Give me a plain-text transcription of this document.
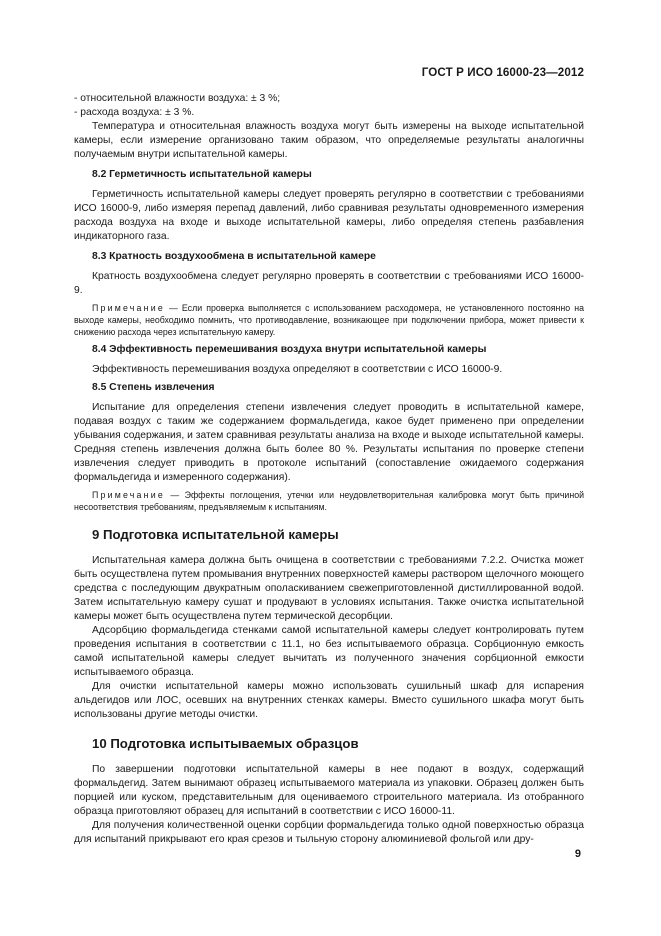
ГОСТ Р ИСО 16000-23—2012

- относительной влажности воздуха: ± 3 %;

- расхода воздуха: ± 3 %.

Температура и относительная влажность воздуха могут быть измерены на выходе испытательной камеры, если измерение организовано таким образом, что определяемые результаты аналогичны получаемым внутри испытательной камеры.

8.2 Герметичность испытательной камеры

Герметичность испытательной камеры следует проверять регулярно в соответствии с требованиями ИСО 16000-9, либо измеряя перепад давлений, либо сравнивая результаты одновременного измерения расхода воздуха на входе и выходе испытательной камеры, либо определяя степень разбавления индикаторного газа.

8.3 Кратность воздухообмена в испытательной камере

Кратность воздухообмена следует регулярно проверять в соответствии с требованиями ИСО 16000-9.

Примечание — Если проверка выполняется с использованием расходомера, не установленного постоянно на выходе камеры, необходимо помнить, что противодавление, возникающее при подключении прибора, может привести к снижению расхода через испытательную камеру.

8.4 Эффективность перемешивания воздуха внутри испытательной камеры

Эффективность перемешивания воздуха определяют в соответствии с ИСО 16000-9.

8.5 Степень извлечения

Испытание для определения степени извлечения следует проводить в испытательной камере, подавая воздух с таким же содержанием формальдегида, какое будет применено при определении убывания содержания, и затем сравнивая результаты анализа на входе и выходе испытательной камеры. Средняя степень извлечения должна быть более 80 %. Результаты испытания по проверке степени извлечения следует приводить в протоколе испытаний (сопоставление ожидаемого содержания формальдегида и измеренного содержания).

Примечание — Эффекты поглощения, утечки или неудовлетворительная калибровка могут быть причиной несоответствия требованиям, предъявляемым к испытаниям.

9 Подготовка испытательной камеры

Испытательная камера должна быть очищена в соответствии с требованиями 7.2.2. Очистка может быть осуществлена путем промывания внутренних поверхностей камеры раствором щелочного моющего средства с последующим двукратным ополаскиванием свежеприготовленной дистиллированной водой. Затем испытательную камеру сушат и продувают в условиях испытания. Также очистка испытательной камеры может быть осуществлена путем термической десорбции.

Адсорбцию формальдегида стенками самой испытательной камеры следует контролировать путем проведения испытания в соответствии с 11.1, но без испытываемого образца. Сорбционную емкость самой испытательной камеры следует вычитать из полученного значения сорбционной емкости испытываемого образца.

Для очистки испытательной камеры можно использовать сушильный шкаф для испарения альдегидов или ЛОС, осевших на внутренних стенках камеры. Вместо сушильного шкафа могут быть использованы другие методы очистки.

10 Подготовка испытываемых образцов

По завершении подготовки испытательной камеры в нее подают в воздух, содержащий формальдегид. Затем вынимают образец испытываемого материала из упаковки. Образец должен быть порцией или куском, представительным для оцениваемого строительного материала. Из отобранного образца приготовляют образец для испытаний в соответствии с ИСО 16000-11.

Для получения количественной оценки сорбции формальдегида только одной поверхностью образца для испытаний прикрывают его края срезов и тыльную сторону алюминиевой фольгой или дру-

9
